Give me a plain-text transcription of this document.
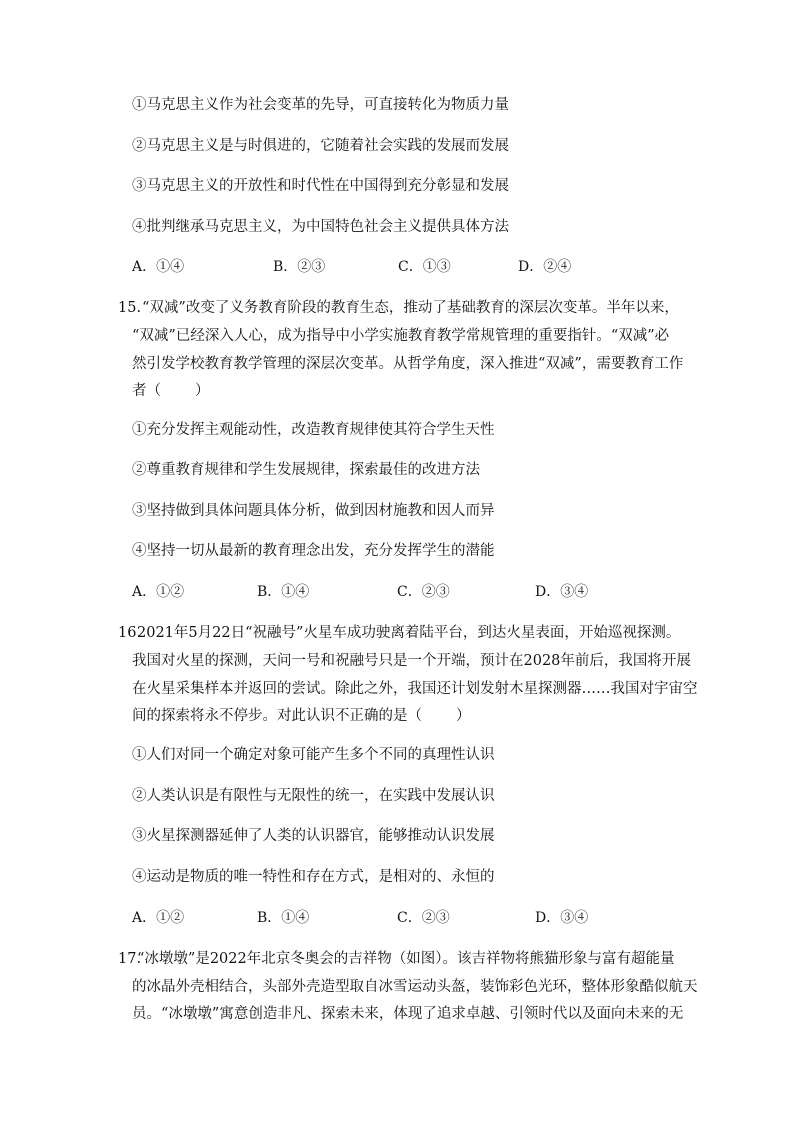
①马克思主义作为社会变革的先导，可直接转化为物质力量
②马克思主义是与时俱进的，它随着社会实践的发展而发展
③马克思主义的开放性和时代性在中国得到充分彰显和发展
④批判继承马克思主义，为中国特色社会主义提供具体方法
A．①④	B．②③	C．①③	D．②④
15. “双减”改变了义务教育阶段的教育生态，推动了基础教育的深层次变革。半年以来，
“双减”已经深入人心，成为指导中小学实施教育教学常规管理的重要指针。“双减”必
然引发学校教育教学管理的深层次变革。从哲学角度，深入推进“双减”，需要教育工作
者（ ）
①充分发挥主观能动性，改造教育规律使其符合学生天性
②尊重教育规律和学生发展规律，探索最佳的改进方法
③坚持做到具体问题具体分析，做到因材施教和因人而异
④坚持一切从最新的教育理念出发，充分发挥学生的潜能
A．①②	B．①④	C．②③	D．③④
16.
2021年5月22日“祝融号”火星车成功驶离着陆平台，到达火星表面，开始巡视探测。
我国对火星的探测，天问一号和祝融号只是一个开端，预计在2028年前后，我国将开展
在火星采集样本并返回的尝试。除此之外，我国还计划发射木星探测器……我国对宇宙空
间的探索将永不停步。对此认识不正确的是（ ）
①人们对同一个确定对象可能产生多个不同的真理性认识
②人类认识是有限性与无限性的统一，在实践中发展认识
③火星探测器延伸了人类的认识器官，能够推动认识发展
④运动是物质的唯一特性和存在方式，是相对的、永恒的
A．①②	B．①④	C．②③	D．③④
17.
“冰墩墩”是2022年北京冬奥会的吉祥物（如图）。该吉祥物将熊猫形象与富有超能量
的冰晶外壳相结合，头部外壳造型取自冰雪运动头盔，装饰彩色光环，整体形象酷似航天
员。“冰墩墩”寓意创造非凡、探索未来，体现了追求卓越、引领时代以及面向未来的无
